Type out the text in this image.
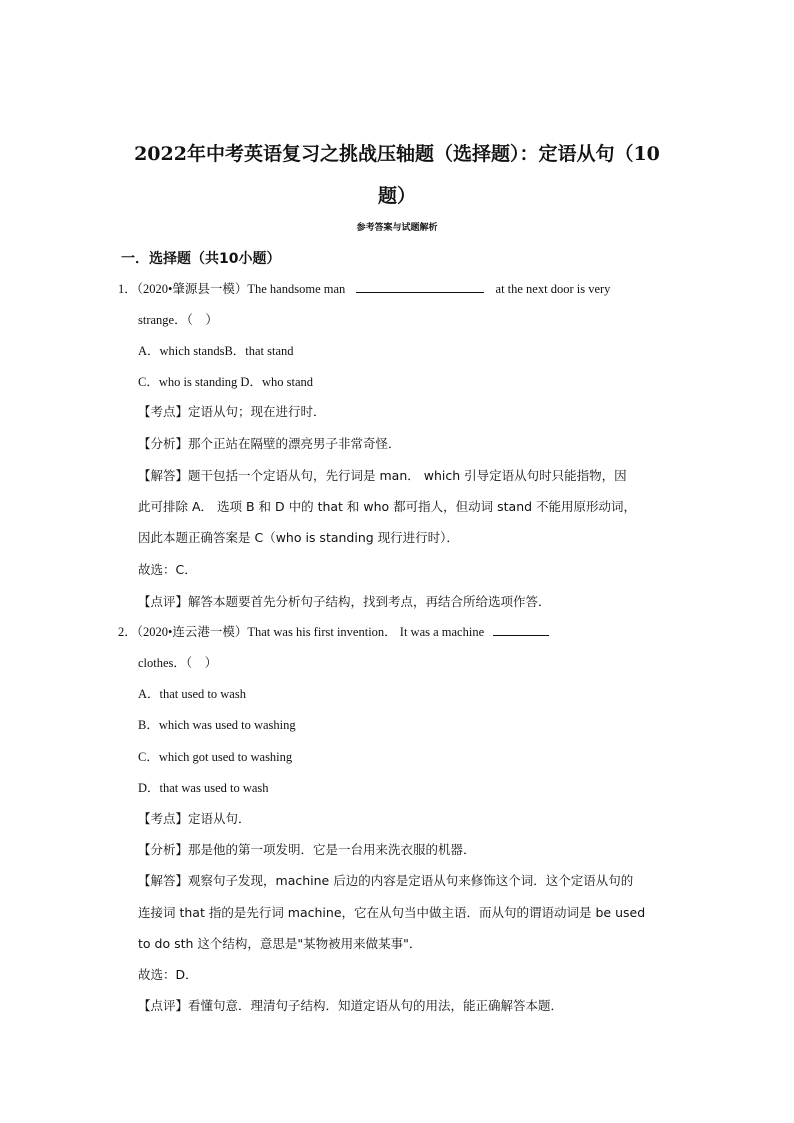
2022年中考英语复习之挑战压轴题（选择题）：定语从句（10
题）
参考答案与试题解析
一．选择题（共10小题）
1．（2020•肇源县一模）The handsome man	at the next door is very
strange．（　）
A．which standsB．that stand
C．who is standing D．who stand
【考点】定语从句；现在进行时．
【分析】那个正站在隔壁的漂亮男子非常奇怪．
【解答】题干包括一个定语从句，先行词是 man． which 引导定语从句时只能指物，因
此可排除 A． 选项 B 和 D 中的 that 和 who 都可指人，但动词 stand 不能用原形动词，
因此本题正确答案是 C（who is standing 现行进行时）．
故选：C．
【点评】解答本题要首先分析句子结构，找到考点，再结合所给选项作答．
2．（2020•连云港一模）That was his first invention． It was a machine
clothes．（　）
A．that used to wash
B．which was used to washing
C．which got used to washing
D．that was used to wash
【考点】定语从句．
【分析】那是他的第一项发明．它是一台用来洗衣服的机器．
【解答】观察句子发现，machine 后边的内容是定语从句来修饰这个词．这个定语从句的
连接词 that 指的是先行词 machine，它在从句当中做主语．而从句的谓语动词是 be used
to do sth 这个结构，意思是"某物被用来做某事"．
故选：D．
【点评】看懂句意．理清句子结构．知道定语从句的用法，能正确解答本题．
